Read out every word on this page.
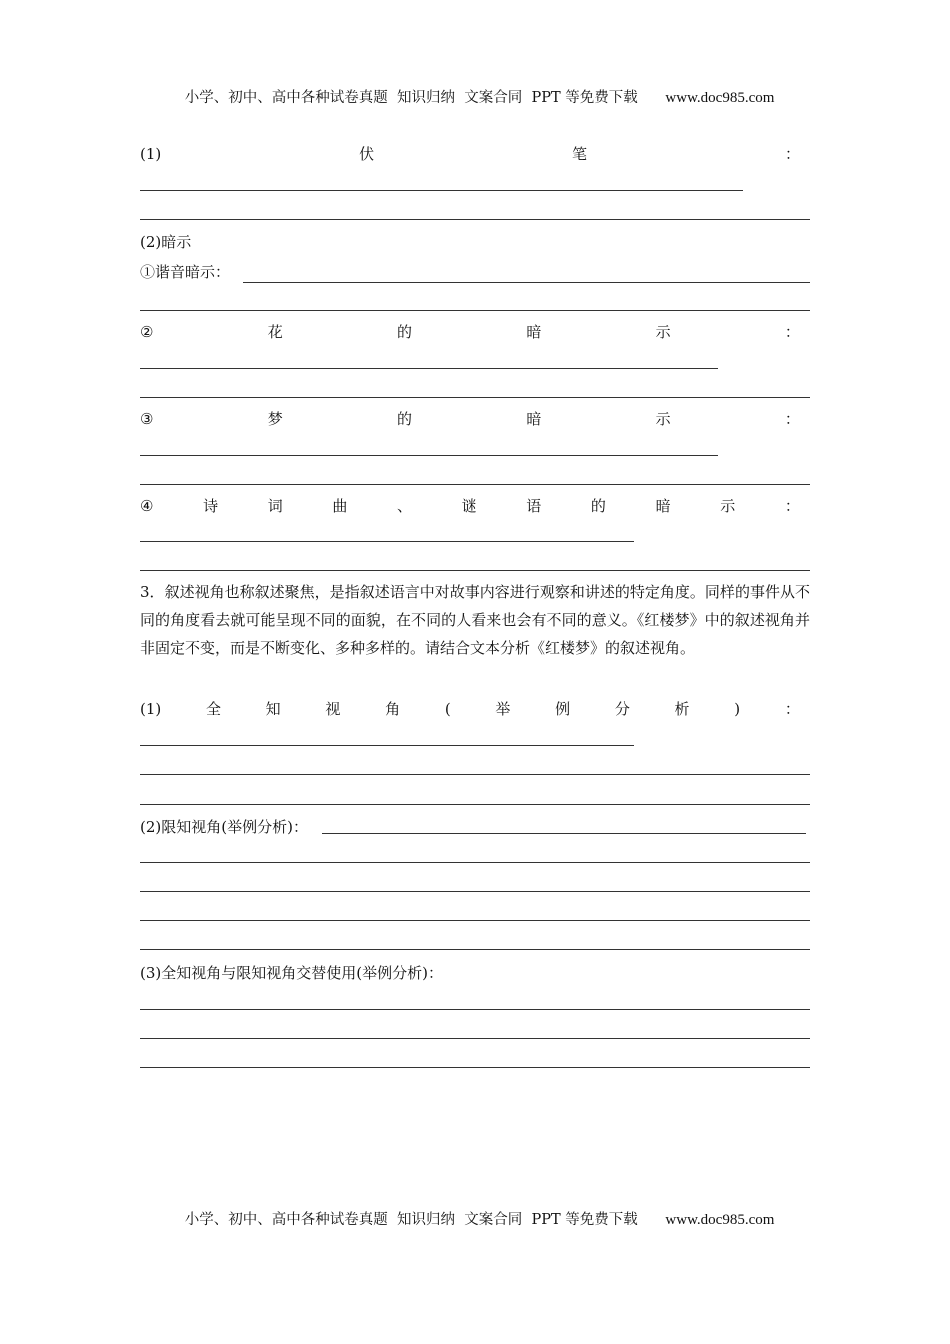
小学、初中、高中各种试卷真题  知识归纳  文案合同  PPT 等免费下载 www.doc985.com

(1)	伏	笔	：
(2)暗示
①谐音暗示：
②	花	的	暗	示	：
③	梦	的	暗	示	：
④	诗	词	曲	、	谜	语	的	暗	示	：

3．叙述视角也称叙述聚焦，是指叙述语言中对故事内容进行观察和讲述的特定角度。同样的事件从不同的角度看去就可能呈现不同的面貌，在不同的人看来也会有不同的意义。《红楼梦》中的叙述视角并非固定不变，而是不断变化、多种多样的。请结合文本分析《红楼梦》的叙述视角。

(1)	全	知	视	角	(	举	例	分	析	)	：
(2)限知视角(举例分析)：
(3)全知视角与限知视角交替使用(举例分析)：

小学、初中、高中各种试卷真题  知识归纳  文案合同  PPT 等免费下载 www.doc985.com
